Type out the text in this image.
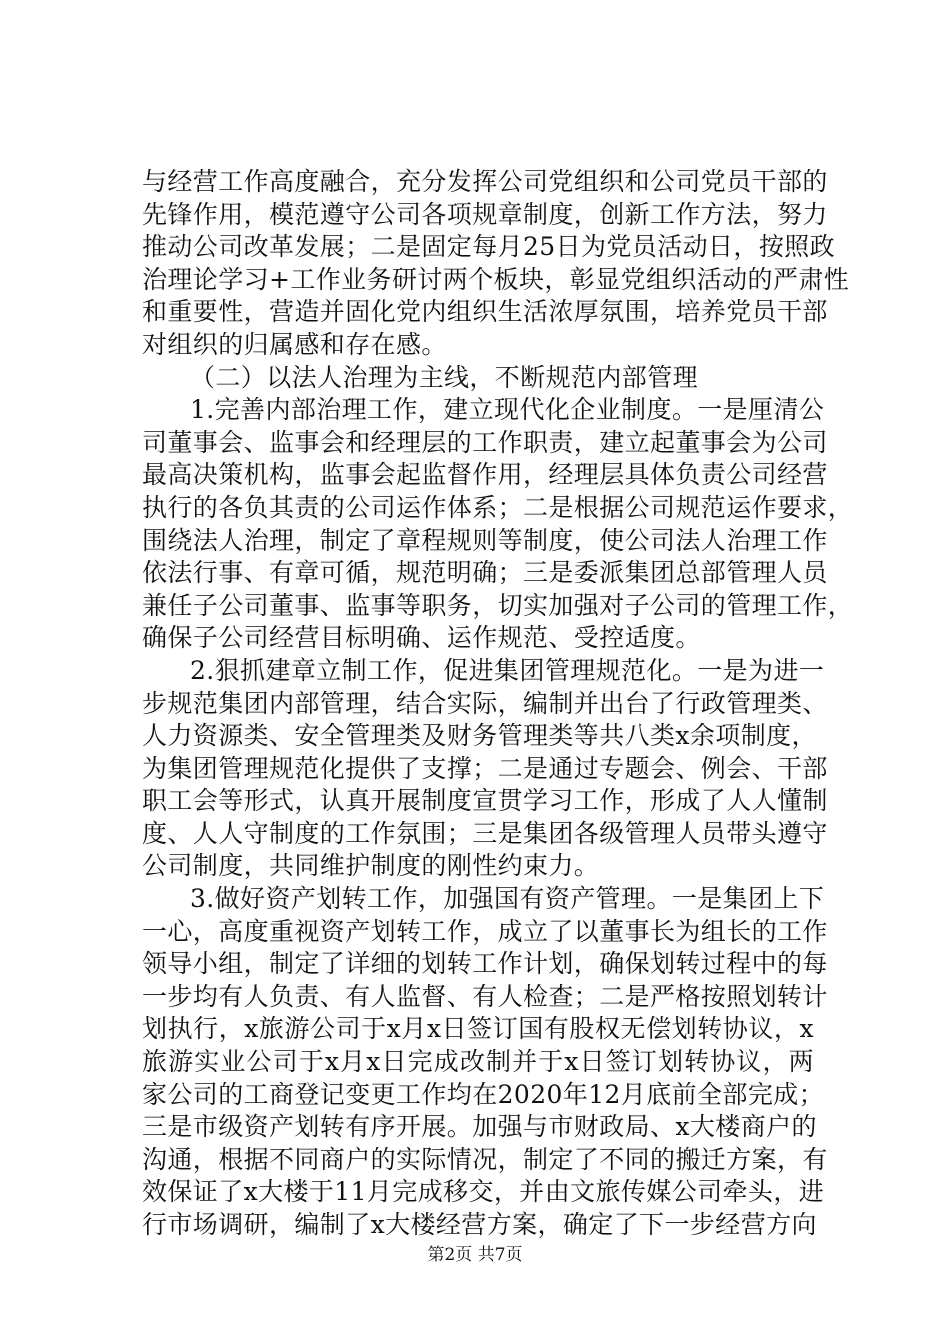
与经营工作高度融合，充分发挥公司党组织和公司党员干部的
先锋作用，模范遵守公司各项规章制度，创新工作方法，努力
推动公司改革发展；二是固定每月25日为党员活动日，按照政
治理论学习+工作业务研讨两个板块，彰显党组织活动的严肃性
和重要性，营造并固化党内组织生活浓厚氛围，培养党员干部
对组织的归属感和存在感。
（二）以法人治理为主线，不断规范内部管理
1.完善内部治理工作，建立现代化企业制度。一是厘清公
司董事会、监事会和经理层的工作职责，建立起董事会为公司
最高决策机构，监事会起监督作用，经理层具体负责公司经营
执行的各负其责的公司运作体系；二是根据公司规范运作要求，
围绕法人治理，制定了章程规则等制度，使公司法人治理工作
依法行事、有章可循，规范明确；三是委派集团总部管理人员
兼任子公司董事、监事等职务，切实加强对子公司的管理工作，
确保子公司经营目标明确、运作规范、受控适度。
2.狠抓建章立制工作，促进集团管理规范化。一是为进一
步规范集团内部管理，结合实际，编制并出台了行政管理类、
人力资源类、安全管理类及财务管理类等共八类x余项制度，
为集团管理规范化提供了支撑；二是通过专题会、例会、干部
职工会等形式，认真开展制度宣贯学习工作，形成了人人懂制
度、人人守制度的工作氛围；三是集团各级管理人员带头遵守
公司制度，共同维护制度的刚性约束力。
3.做好资产划转工作，加强国有资产管理。一是集团上下
一心，高度重视资产划转工作，成立了以董事长为组长的工作
领导小组，制定了详细的划转工作计划，确保划转过程中的每
一步均有人负责、有人监督、有人检查；二是严格按照划转计
划执行，x旅游公司于x月x日签订国有股权无偿划转协议，x
旅游实业公司于x月x日完成改制并于x日签订划转协议，两
家公司的工商登记变更工作均在2020年12月底前全部完成；
三是市级资产划转有序开展。加强与市财政局、x大楼商户的
沟通，根据不同商户的实际情况，制定了不同的搬迁方案，有
效保证了x大楼于11月完成移交，并由文旅传媒公司牵头，进
行市场调研，编制了x大楼经营方案，确定了下一步经营方向
第2页 共7页
